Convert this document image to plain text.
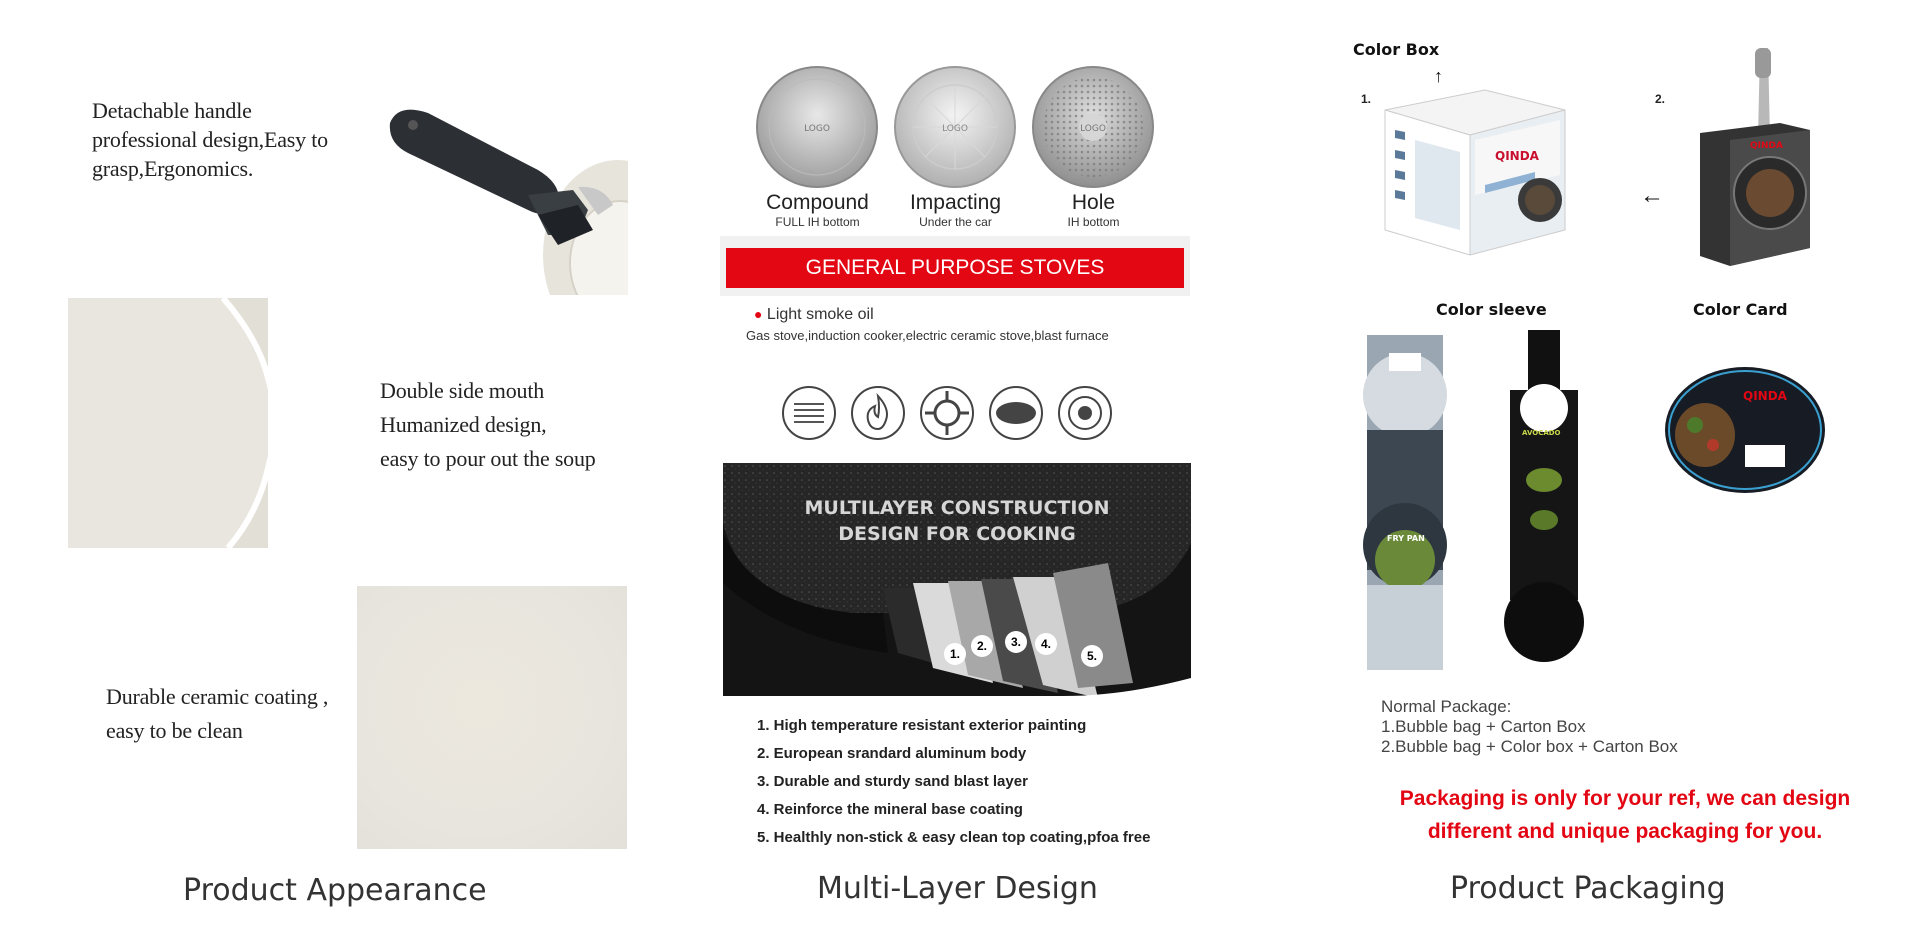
Detachable handle
professional design,Easy to
grasp,Ergonomics.
Double side mouth
Humanized design,
easy to pour out the soup
Durable ceramic coating ,
easy to be clean
Product Appearance
LOGO	LOGO	LOGO
Compound
FULL IH bottom
Impacting
Under the car
Hole
IH bottom
GENERAL PURPOSE STOVES
● Light smoke oil
Gas stove,induction cooker,electric ceramic stove,blast furnace
MULTILAYER CONSTRUCTION
DESIGN FOR COOKING
1.
2.	3.	4.
5.
1. High temperature resistant exterior painting
2. European srandard aluminum body
3. Durable and sturdy sand blast layer
4. Reinforce the mineral base coating
5. Healthly non-stick & easy clean top coating,pfoa free
Multi-Layer Design
Color Box
↑
1.	2.
QINDA
←
QINDA
Color sleeve	Color Card
FRY PAN
AVOCADO
QINDA
Normal Package:
1.Bubble bag + Carton Box
2.Bubble bag + Color box + Carton Box
Packaging is only for your ref, we can design
different and unique packaging for you.
Product Packaging
